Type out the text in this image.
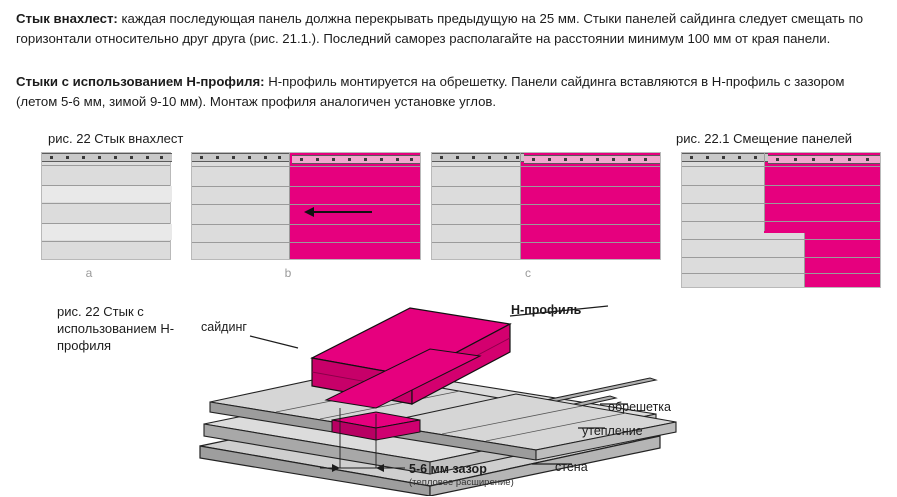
Стык внахлест: каждая последующая панель должна перекрывать предыдущую на 25 мм. Стыки панелей сайдинга следует смещать по горизонтали относительно друг друга (рис. 21.1.). Последний саморез располагайте на расстоянии минимум 100 мм от края панели.
Стыки с использованием Н-профиля: Н-профиль монтируется на обрешетку. Панели сайдинга вставляются в Н-профиль с зазором (летом 5-6 мм, зимой 9-10 мм). Монтаж профиля аналогичен установке углов.
рис. 22 Стык внахлест	рис. 22.1 Смещение панелей
рис. 22 Стык с использованием Н-профиля
a	b	c
Н-профиль
сайдинг
обрешетка
утепление
стена
5-6 мм зазор
(тепловое расширение)
